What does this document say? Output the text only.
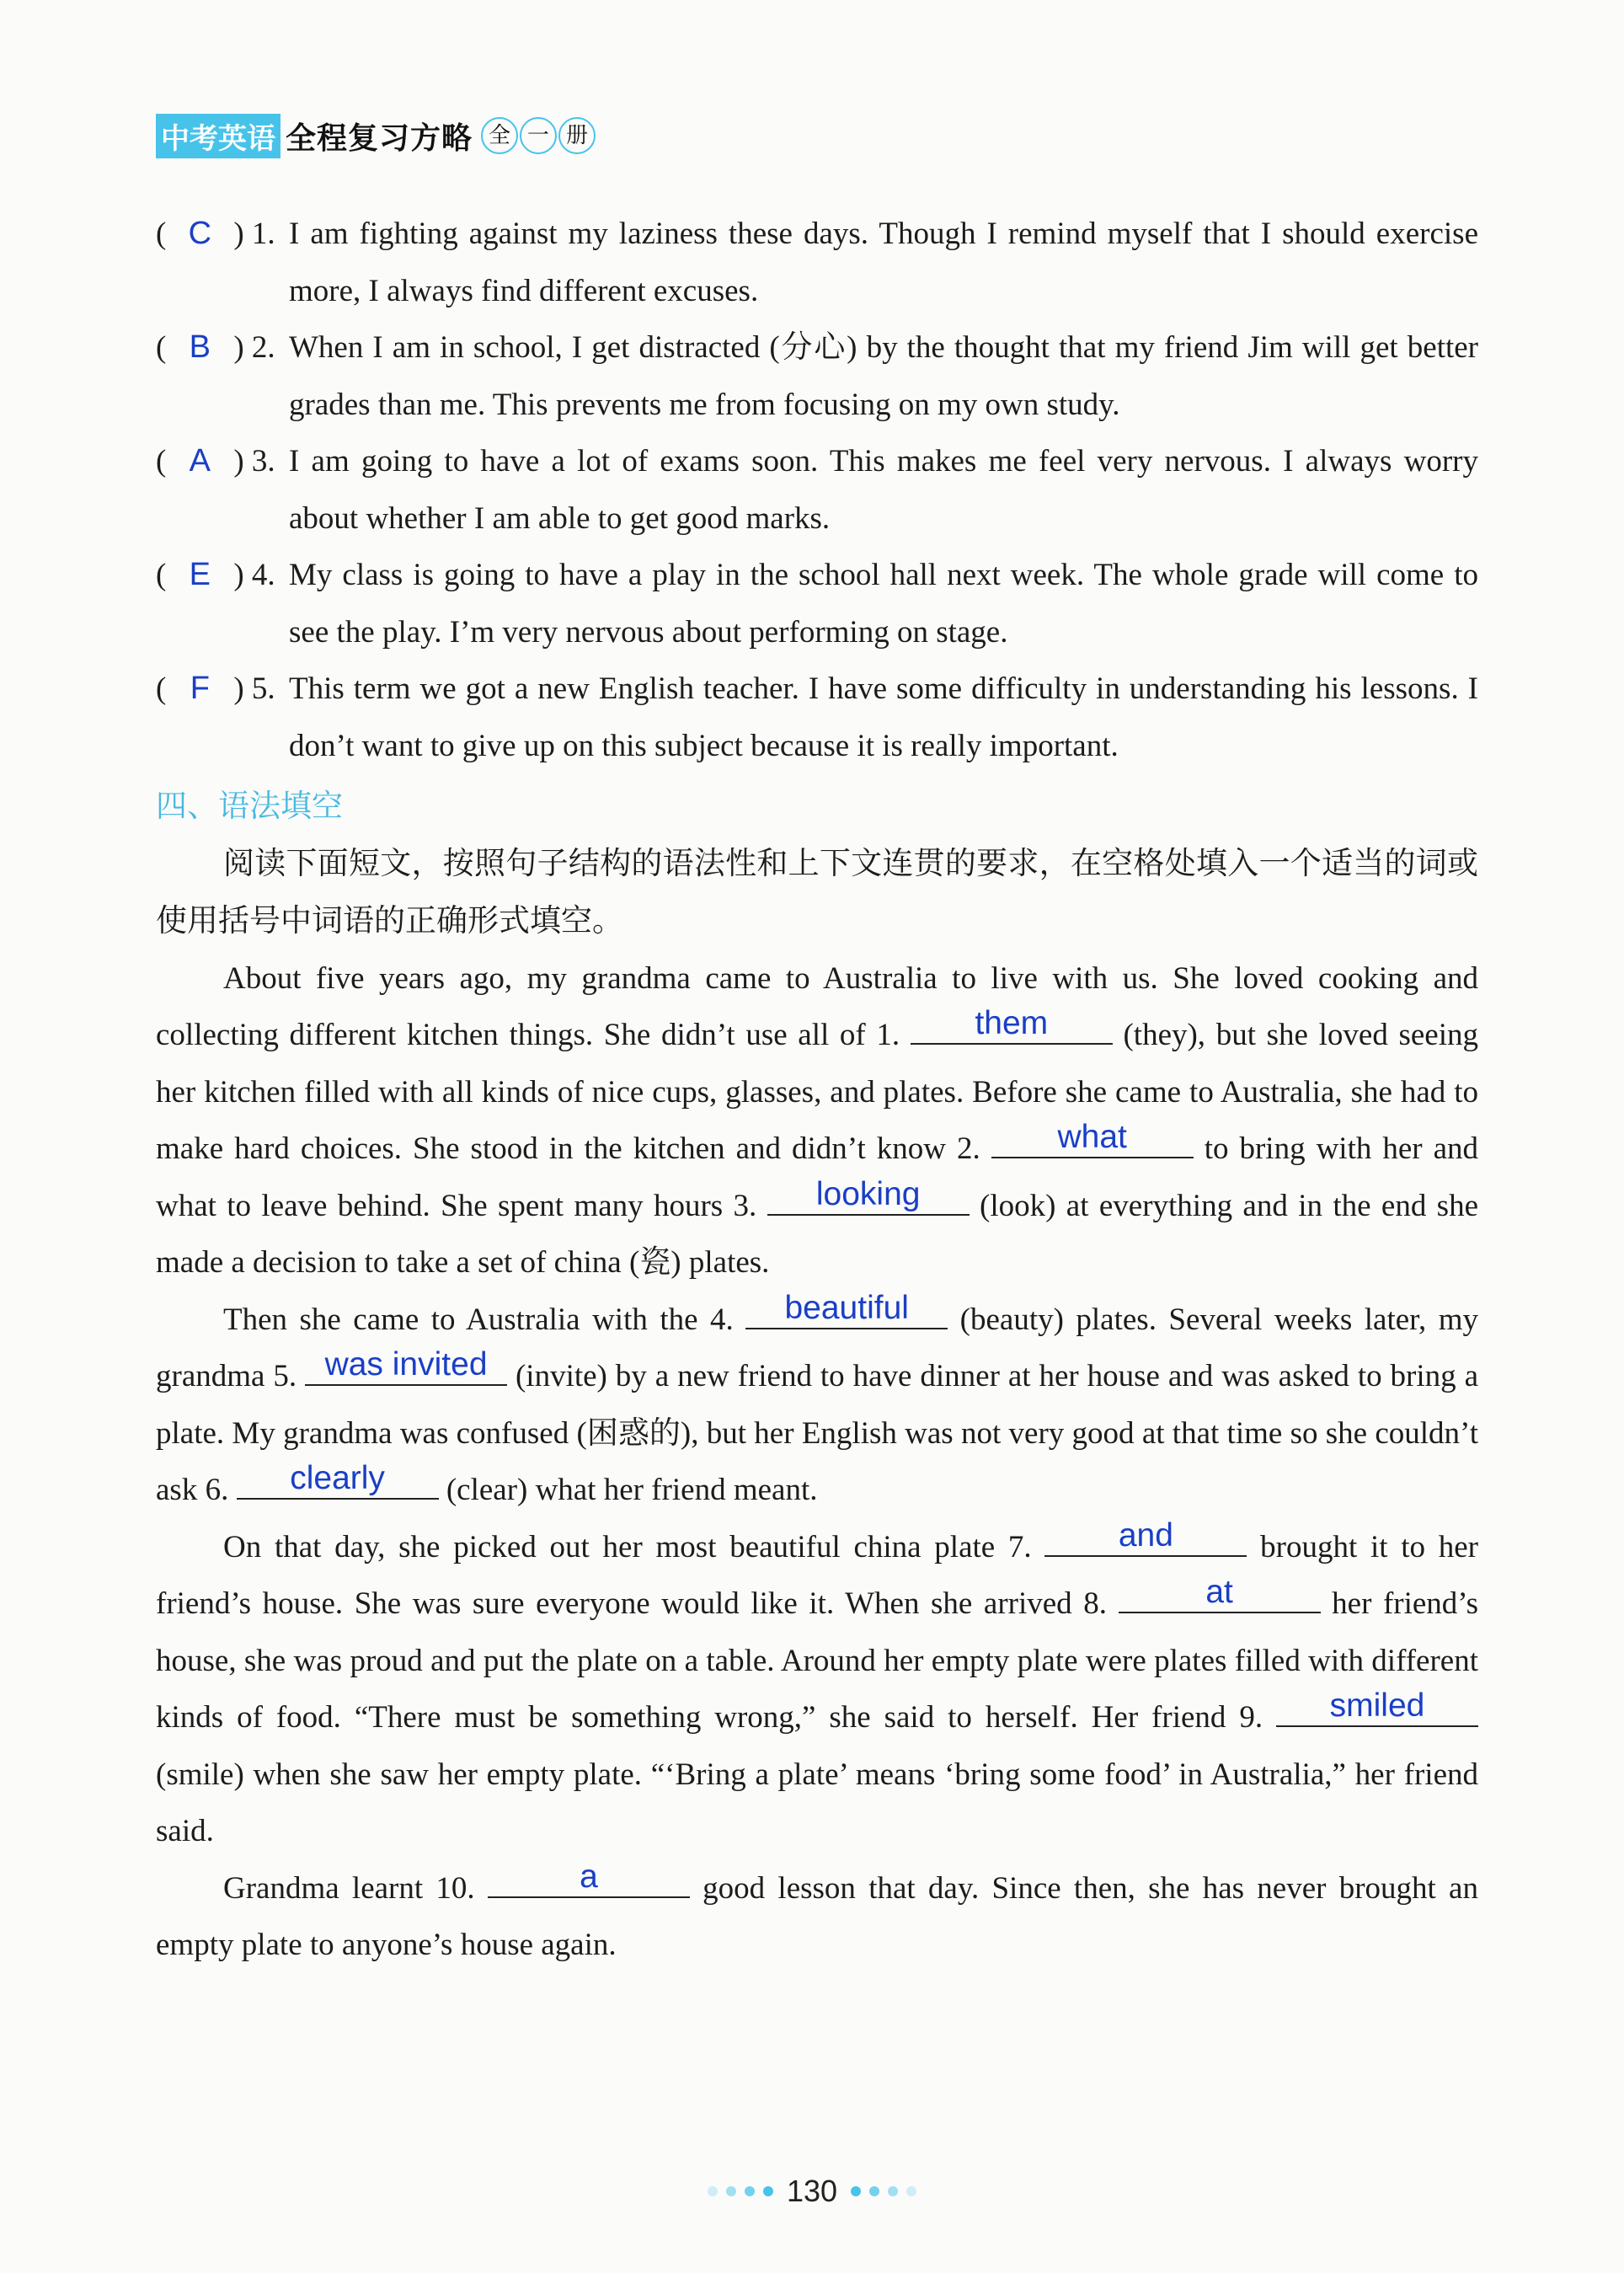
中考英语 全程复习方略 全 一 册
( C ) 1. I am fighting against my laziness these days. Though I remind myself that I should exercise more, I always find different excuses.
( B ) 2. When I am in school, I get distracted (分心) by the thought that my friend Jim will get better grades than me. This prevents me from focusing on my own study.
( A ) 3. I am going to have a lot of exams soon. This makes me feel very nervous. I always worry about whether I am able to get good marks.
( E ) 4. My class is going to have a play in the school hall next week. The whole grade will come to see the play. I’m very nervous about performing on stage.
( F ) 5. This term we got a new English teacher. I have some difficulty in understanding his lessons. I don’t want to give up on this subject because it is really important.
四、语法填空
阅读下面短文，按照句子结构的语法性和上下文连贯的要求，在空格处填入一个适当的词或使用括号中词语的正确形式填空。
About five years ago, my grandma came to Australia to live with us. She loved cooking and collecting different kitchen things. She didn’t use all of 1.	them	(they), but she loved seeing her kitchen filled with all kinds of nice cups, glasses, and plates. Before she came to Australia, she had to make hard choices. She stood in the kitchen and didn’t know 2.	what	to bring with her and what to leave behind. She spent many hours 3.	looking	(look) at everything and in the end she made a decision to take a set of china (瓷) plates.
Then she came to Australia with the 4.	beautiful	(beauty) plates. Several weeks later, my grandma 5. was invited (invite) by a new friend to have dinner at her house and was asked to bring a plate. My grandma was confused (困惑的), but her English was not very good at that time so she couldn’t ask 6.	clearly	(clear) what her friend meant.
On that day, she picked out her most beautiful china plate 7.	and	brought it to her friend’s house. She was sure everyone would like it. When she arrived 8.	at	her friend’s house, she was proud and put the plate on a table. Around her empty plate were plates filled with different kinds of food. “There must be something wrong,” she said to herself. Her friend 9.	smiled
(smile) when she saw her empty plate. “‘Bring a plate’ means ‘bring some food’ in Australia,” her friend said.
Grandma learnt 10.	a	good lesson that day. Since then, she has never brought an empty plate to anyone’s house again.
130
